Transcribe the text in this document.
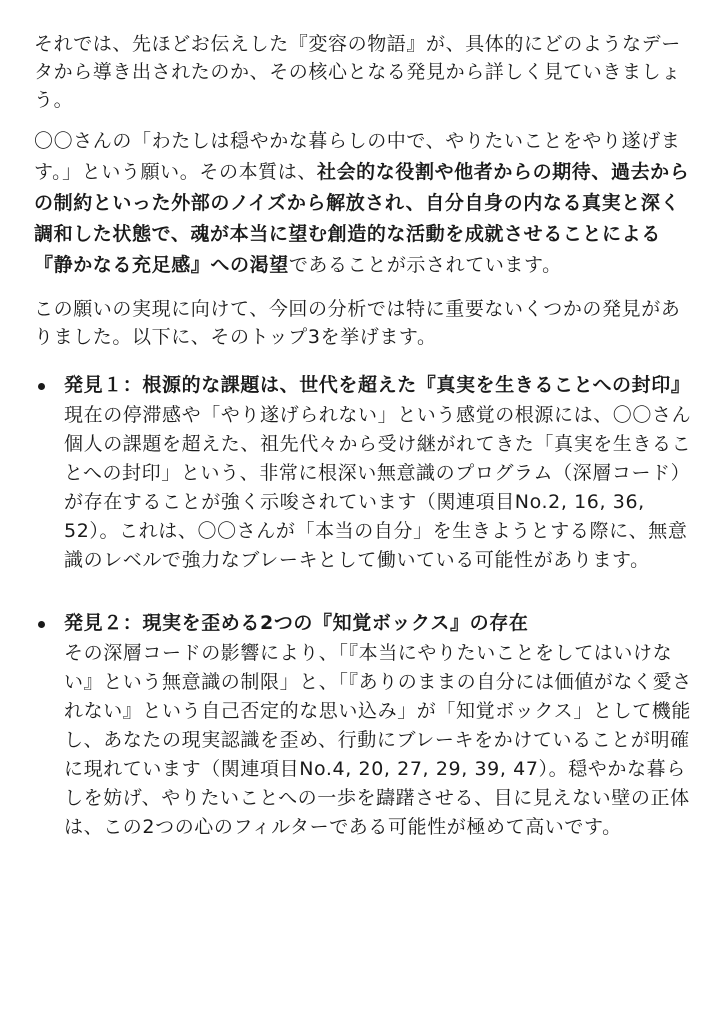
それでは、先ほどお伝えした『変容の物語』が、具体的にどのようなデータから導き出されたのか、その核心となる発見から詳しく見ていきましょう。

〇〇さんの「わたしは穏やかな暮らしの中で、やりたいことをやり遂げます。」という願い。その本質は、社会的な役割や他者からの期待、過去からの制約といった外部のノイズから解放され、自分自身の内なる真実と深く調和した状態で、魂が本当に望む創造的な活動を成就させることによる『静かなる充足感』への渇望であることが示されています。

この願いの実現に向けて、今回の分析では特に重要ないくつかの発見がありました。以下に、そのトップ3を挙げます。

発見１：根源的な課題は、世代を超えた『真実を生きることへの封印』
現在の停滞感や「やり遂げられない」という感覚の根源には、〇〇さん個人の課題を超えた、祖先代々から受け継がれてきた「真実を生きることへの封印」という、非常に根深い無意識のプログラム（深層コード）が存在することが強く示唆されています（関連項目No.2, 16, 36, 52）。これは、〇〇さんが「本当の自分」を生きようとする際に、無意識のレベルで強力なブレーキとして働いている可能性があります。
発見２：現実を歪める2つの『知覚ボックス』の存在
その深層コードの影響により、「『本当にやりたいことをしてはいけない』という無意識の制限」と、「『ありのままの自分には価値がなく愛されない』という自己否定的な思い込み」が「知覚ボックス」として機能し、あなたの現実認識を歪め、行動にブレーキをかけていることが明確に現れています（関連項目No.4, 20, 27, 29, 39, 47）。穏やかな暮らしを妨げ、やりたいことへの一歩を躊躇させる、目に見えない壁の正体は、この2つの心のフィルターである可能性が極めて高いです。
